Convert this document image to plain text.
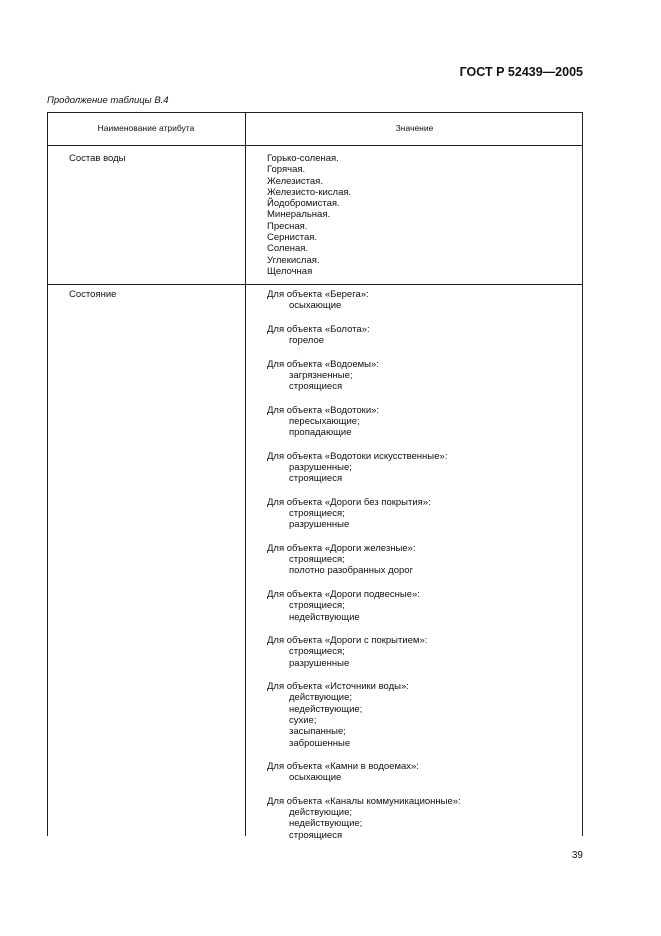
ГОСТ Р 52439—2005
Продолжение таблицы В.4
Наименование атрибута	Значение
Состав воды	Горько-соленая.
Горячая.
Железистая.
Железисто-кислая.
Йодобромистая.
Минеральная.
Пресная.
Сернистая.
Соленая.
Углекислая.
Щелочная
Состояние	Для объекта «Берега»:
осыхающие
Для объекта «Болота»:
горелое
Для объекта «Водоемы»:
загрязненные;
строящиеся
Для объекта «Водотоки»:
пересыхающие;
пропадающие
Для объекта «Водотоки искусственные»:
разрушенные;
строящиеся
Для объекта «Дороги без покрытия»:
строящиеся;
разрушенные
Для объекта «Дороги железные»:
строящиеся;
полотно разобранных дорог
Для объекта «Дороги подвесные»:
строящиеся;
недействующие
Для объекта «Дороги с покрытием»:
строящиеся;
разрушенные
Для объекта «Источники воды»:
действующие;
недействующие;
сухие;
засыпанные;
заброшенные
Для объекта «Камни в водоемах»:
осыхающие
Для объекта «Каналы коммуникационные»:
действующие;
недействующие;
строящиеся
39
